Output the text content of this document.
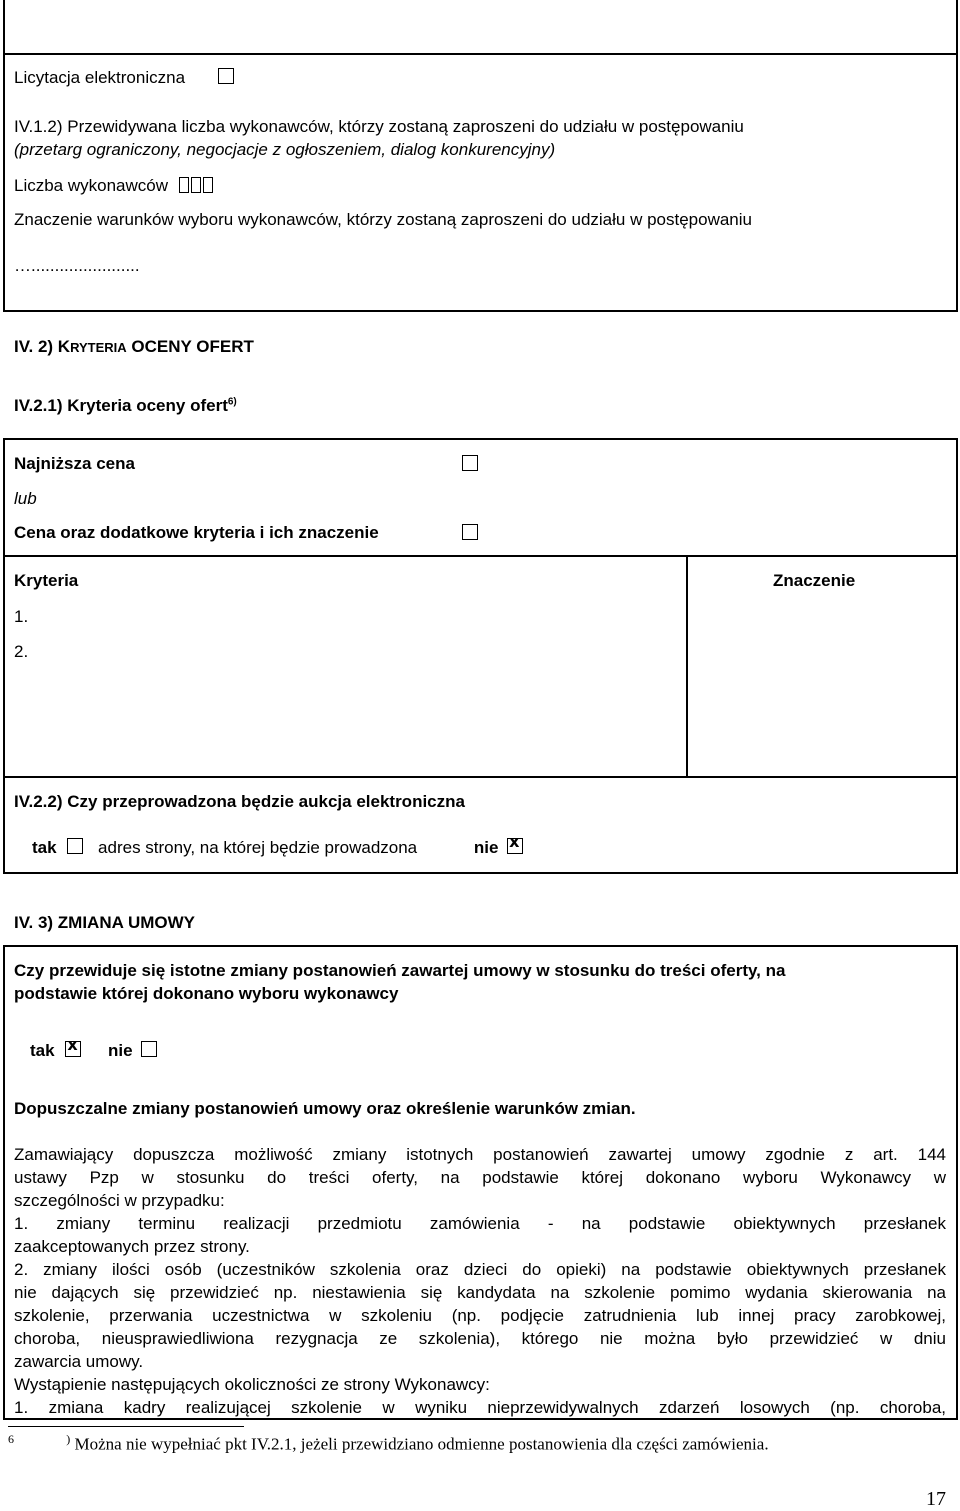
Licytacja elektroniczna
IV.1.2) Przewidywana liczba wykonawców, którzy zostaną zaproszeni do udziału w postępowaniu
(przetarg ograniczony, negocjacje z ogłoszeniem, dialog konkurencyjny)
Liczba wykonawców
Znaczenie warunków wyboru wykonawców, którzy zostaną zaproszeni do udziału w postępowaniu
….......................
IV. 2) KRYTERIA OCENY OFERT
IV.2.1) Kryteria oceny ofert$^{6)}$
Najniższa cena
lub
Cena oraz dodatkowe kryteria i ich znaczenie
Kryteria	Znaczenie
1.
2.
IV.2.2) Czy przeprowadzona będzie aukcja elektroniczna
tak adres strony, na której będzie prowadzona	nie x
IV. 3) ZMIANA UMOWY
Czy przewiduje się istotne zmiany postanowień zawartej umowy w stosunku do treści oferty, na
podstawie której dokonano wyboru wykonawcy
tak x	nie
Dopuszczalne zmiany postanowień umowy oraz określenie warunków zmian.
Zamawiający dopuszcza możliwość zmiany istotnych postanowień zawartej umowy zgodnie z art. 144
ustawy Pzp w stosunku do treści oferty, na podstawie której dokonano wyboru Wykonawcy w
szczególności w przypadku:
1. zmiany terminu realizacji przedmiotu zamówienia - na podstawie obiektywnych przesłanek
zaakceptowanych przez strony.
2. zmiany ilości osób (uczestników szkolenia oraz dzieci do opieki) na podstawie obiektywnych przesłanek
nie dających się przewidzieć np. niestawienia się kandydata na szkolenie pomimo wydania skierowania na
szkolenie, przerwania uczestnictwa w szkoleniu (np. podjęcie zatrudnienia lub innej pracy zarobkowej,
choroba, nieusprawiedliwiona rezygnacja ze szkolenia), którego nie można było przewidzieć w dniu
zawarcia umowy.
Wystąpienie następujących okoliczności ze strony Wykonawcy:
1. zmiana kadry realizującej szkolenie w wyniku nieprzewidywalnych zdarzeń losowych (np. choroba,
$^6$	) Można nie wypełniać pkt IV.2.1, jeżeli przewidziano odmienne postanowienia dla części zamówienia.
17
